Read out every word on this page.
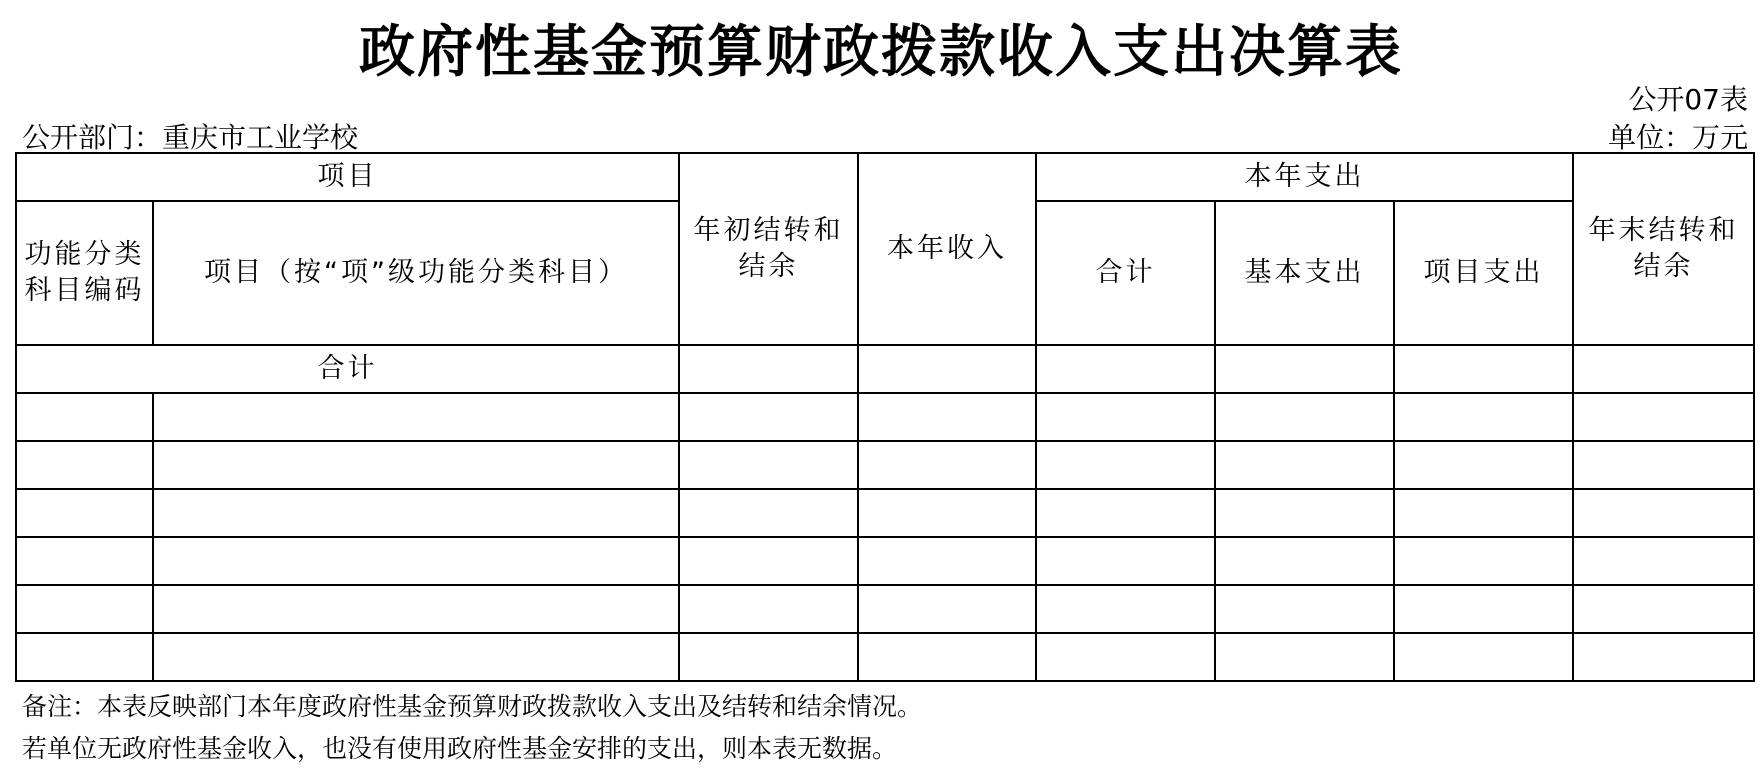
政府性基金预算财政拨款收入支出决算表
公开07表
公开部门：重庆市工业学校	单位：万元
项目		年初结转和结余	本年收入	本年支出			年末结转和结余

功能分类科目编码	项目（按“项”级功能分类科目）			合计	基本支出	项目支出	
合计							

备注：本表反映部门本年度政府性基金预算财政拨款收入支出及结转和结余情况。
若单位无政府性基金收入，也没有使用政府性基金安排的支出，则本表无数据。
